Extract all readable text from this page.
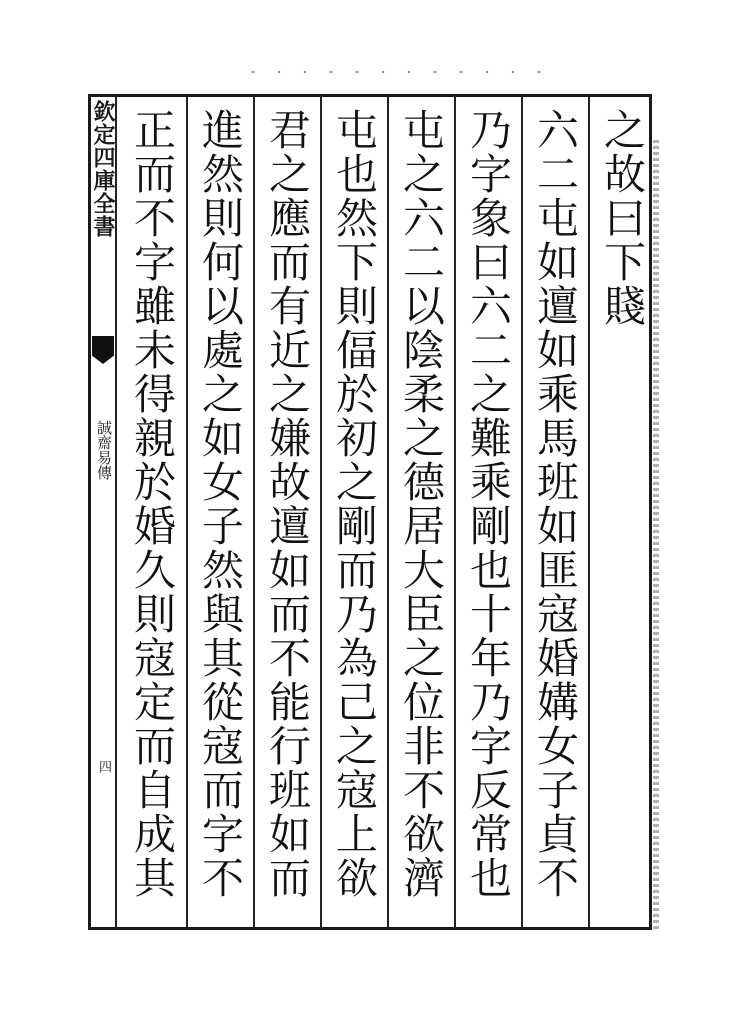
欽定四庫全書
誠齋易傳
四
之故曰下賤
六二屯如邅如乘馬班如匪寇婚媾女子貞不
乃字象曰六二之難乘剛也十年乃字反常也
屯之六二以陰柔之德居大臣之位非不欲濟
屯也然下則偪於初之剛而乃為己之寇上欲
君之應而有近之嫌故邅如而不能行班如而
進然則何以處之如女子然與其從寇而字不
正而不字雖未得親於婚久則寇定而自成其
